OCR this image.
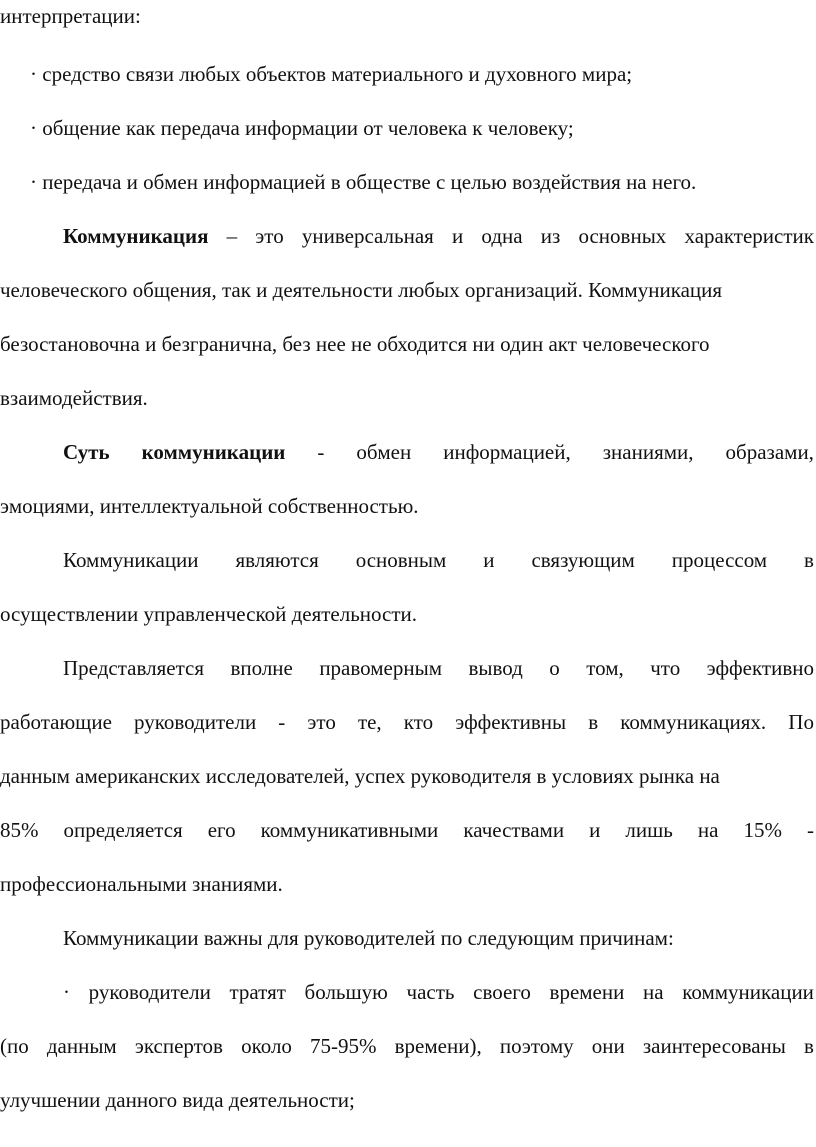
интерпретации:
· средство связи любых объектов материального и духовного мира;
· общение как передача информации от человека к человеку;
· передача и обмен информацией в обществе с целью воздействия на него.
Коммуникация – это универсальная и одна из основных характеристик
человеческого общения, так и деятельности любых организаций. Коммуникация
безостановочна и безгранична, без нее не обходится ни один акт человеческого
взаимодействия.
Суть коммуникации - обмен информацией, знаниями, образами,
эмоциями, интеллектуальной собственностью.
Коммуникации являются основным и связующим процессом в
осуществлении управленческой деятельности.
Представляется вполне правомерным вывод о том, что эффективно
работающие руководители - это те, кто эффективны в коммуникациях. По
данным американских исследователей, успех руководителя в условиях рынка на
85% определяется его коммуникативными качествами и лишь на 15% -
профессиональными знаниями.
Коммуникации важны для руководителей по следующим причинам:
· руководители тратят большую часть своего времени на коммуникации
(по данным экспертов около 75-95% времени), поэтому они заинтересованы в
улучшении данного вида деятельности;
